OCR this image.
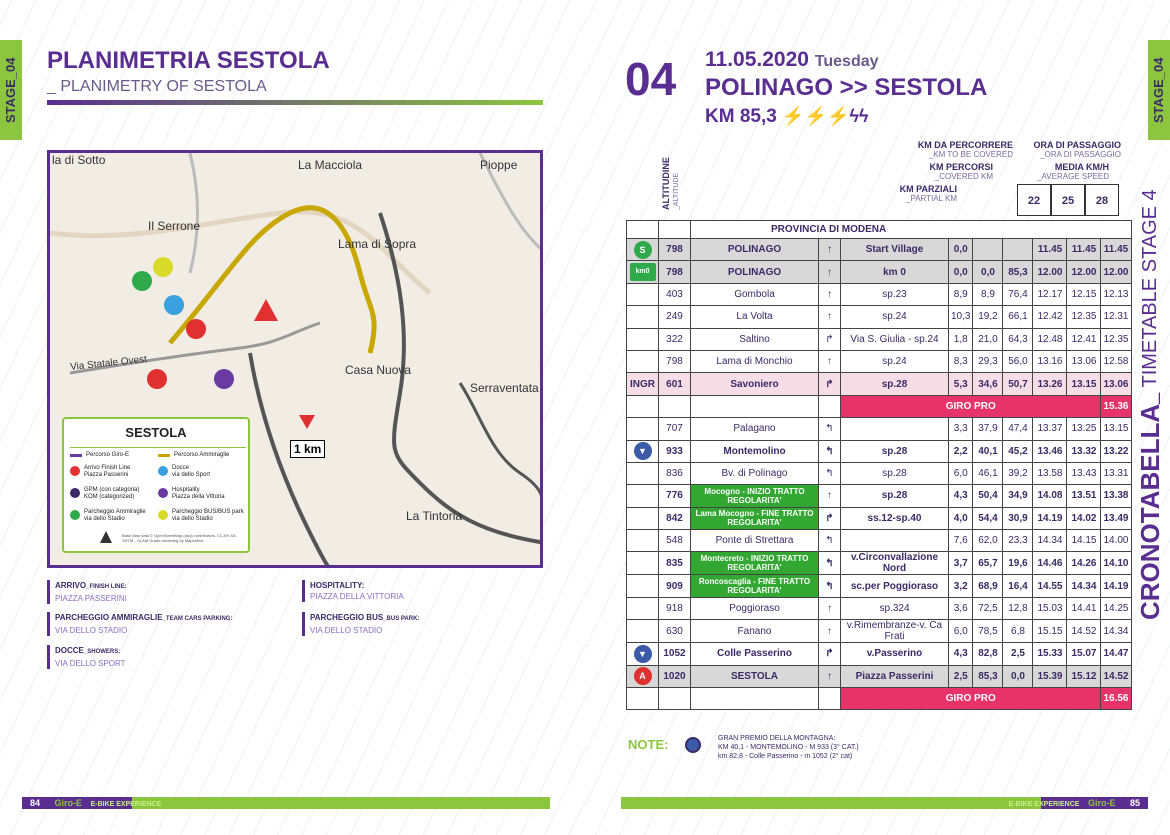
STAGE_04 PLANIMETRIA SESTOLA
_ PLANIMETRY OF SESTOLA
la di Sotto	La Macciola	Pioppe
Il Serrone
Lama di Sopra
Casa Nuova
Serraventata
La Tintoria
Via Statale Ovest
1 km
SESTOLA
Percorso Giro-E	Percorso Ammiraglie
Arrivo Finish Line
Piazza Passerini
Docce
via dello Sport
GPM (con categoria) KOM (categorized)
Hospitality
Piazza della Vittoria
Parcheggio Ammiraglie
via dello Stadio
Parcheggio BUS/BUS park
via dello Stadio
Base Map data © OpenStreetMap (and) contributors, CC-BY-SA SRTM - GLAM Grado rendering by Maperitive
ARRIVO_FINISH LINE:
PIAZZA PASSERINI
HOSPITALITY:
PIAZZA DELLA VITTORIA
PARCHEGGIO AMMIRAGLIE_TEAM CARS PARKING:
VIA DELLO STADIO
PARCHEGGIO BUS_BUS PARK:
VIA DELLO STADIO
DOCCE_SHOWERS:
VIA DELLO SPORT
84 Giro-E E-BIKE EXPERIENCE
STAGE_04
04 11.05.2020 Tuesday
POLINAGO >> SESTOLA
KM 85,3 ⚡⚡⚡ϟϟ
ALTITUDINE _ALTITUDE
KM DA PERCORRERE
_KM TO BE COVERED
KM PERCORSI
_COVERED KM
KM PARZIALI
_PARTIAL KM
ORA DI PASSAGGIO
_ORA DI PASSAGGIO
MEDIA KM/H
_AVERAGE SPEED
22	25	28
		PROVINCIA DI MODENA								
S	798	POLINAGO	↑	Start Village	0,0			11.45	11.45	11.45
km0	798	POLINAGO	↑	km 0	0,0	0,0	85,3	12.00	12.00	12.00
	403	Gombola	↑	sp.23	8,9	8,9	76,4	12.17	12.15	12.13
	249	La Volta	↑	sp.24	10,3	19,2	66,1	12.42	12.35	12.31
	322	Saltino	↱	Via S. Giulia - sp.24	1,8	21,0	64,3	12.48	12.41	12.35
	798	Lama di Monchio	↑	sp.24	8,3	29,3	56,0	13.16	13.06	12.58
INGR	601	Savoniero	↱	sp.28	5,3	34,6	50,7	13.26	13.15	13.06
				GIRO PRO						15.36
	707	Palagano	↰		3,3	37,9	47,4	13.37	13.25	13.15
▼	933	Montemolino	↰	sp.28	2,2	40,1	45,2	13.46	13.32	13.22
	836	Bv. di Polinago	↰	sp.28	6,0	46,1	39,2	13.58	13.43	13.31
	776	Mocogno - INIZIO TRATTO REGOLARITA'	↑	sp.28	4,3	50,4	34,9	14.08	13.51	13.38
	842	Lama Mocogno - FINE TRATTO REGOLARITA'	↱	ss.12-sp.40	4,0	54,4	30,9	14.19	14.02	13.49
	548	Ponte di Strettara	↰		7,6	62,0	23,3	14.34	14.15	14.00
	835	Montecreto - INIZIO TRATTO REGOLARITA'	↰	v.Circonvallazione Nord	3,7	65,7	19,6	14.46	14.26	14.10
	909	Roncoscaglia - FINE TRATTO REGOLARITA'	↰	sc.per Poggioraso	3,2	68,9	16,4	14.55	14.34	14.19
	918	Poggioraso	↑	sp.324	3,6	72,5	12,8	15.03	14.41	14.25
	630	Fanano	↑	v.Rimembranze-v. Ca Frati	6,0	78,5	6,8	15.15	14.52	14.34
▼	1052	Colle Passerino	↱	v.Passerino	4,3	82,8	2,5	15.33	15.07	14.47
A	1020	SESTOLA	↑	Piazza Passerini	2,5	85,3	0,0	15.39	15.12	14.52
				GIRO PRO						16.56
NOTE:	GRAN PREMIO DELLA MONTAGNA:
KM 40,1 - MONTEMOLINO - M 933 (3° CAT.)
km 82,8 - Colle Passerino - m 1052 (2° cat)
CRONOTABELLA_ TIMETABLE STAGE 4
E-BIKE EXPERIENCE Giro-E 85
